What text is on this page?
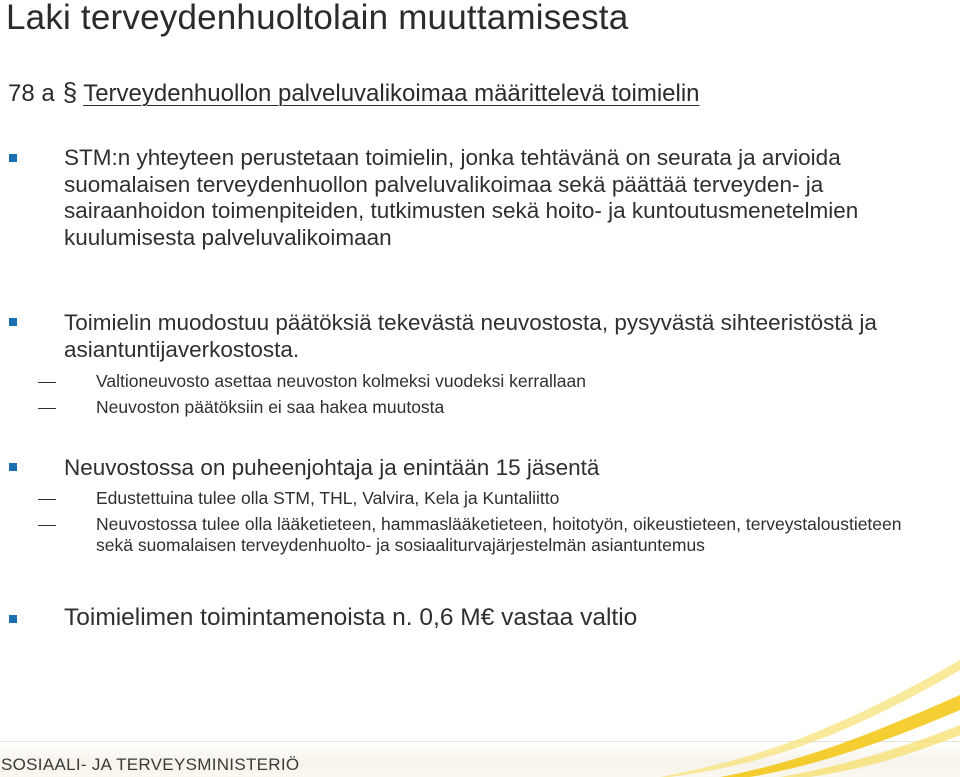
Laki terveydenhuoltolain muuttamisesta
78 a § Terveydenhuollon palveluvalikoimaa määrittelevä toimielin
STM:n yhteyteen perustetaan toimielin, jonka tehtävänä on seurata ja arvioida suomalaisen terveydenhuollon palveluvalikoimaa sekä päättää terveyden- ja sairaanhoidon toimenpiteiden, tutkimusten sekä hoito- ja kuntoutusmenetelmien kuulumisesta palveluvalikoimaan
Toimielin muodostuu päätöksiä tekevästä neuvostosta, pysyvästä sihteeristöstä ja asiantuntijaverkostosta.
Valtioneuvosto asettaa neuvoston kolmeksi vuodeksi kerrallaan
Neuvoston päätöksiin ei saa hakea muutosta
Neuvostossa on puheenjohtaja ja enintään 15 jäsentä
Edustettuina tulee olla STM, THL, Valvira, Kela ja Kuntaliitto
Neuvostossa tulee olla lääketieteen, hammaslääketieteen, hoitotyön, oikeustieteen, terveystaloustieteen sekä suomalaisen terveydenhuolto- ja sosiaaliturvajärjestelmän asiantuntemus
Toimielimen toimintamenoista n. 0,6 M€ vastaa valtio
SOSIAALI- JA TERVEYSMINISTERIÖ
